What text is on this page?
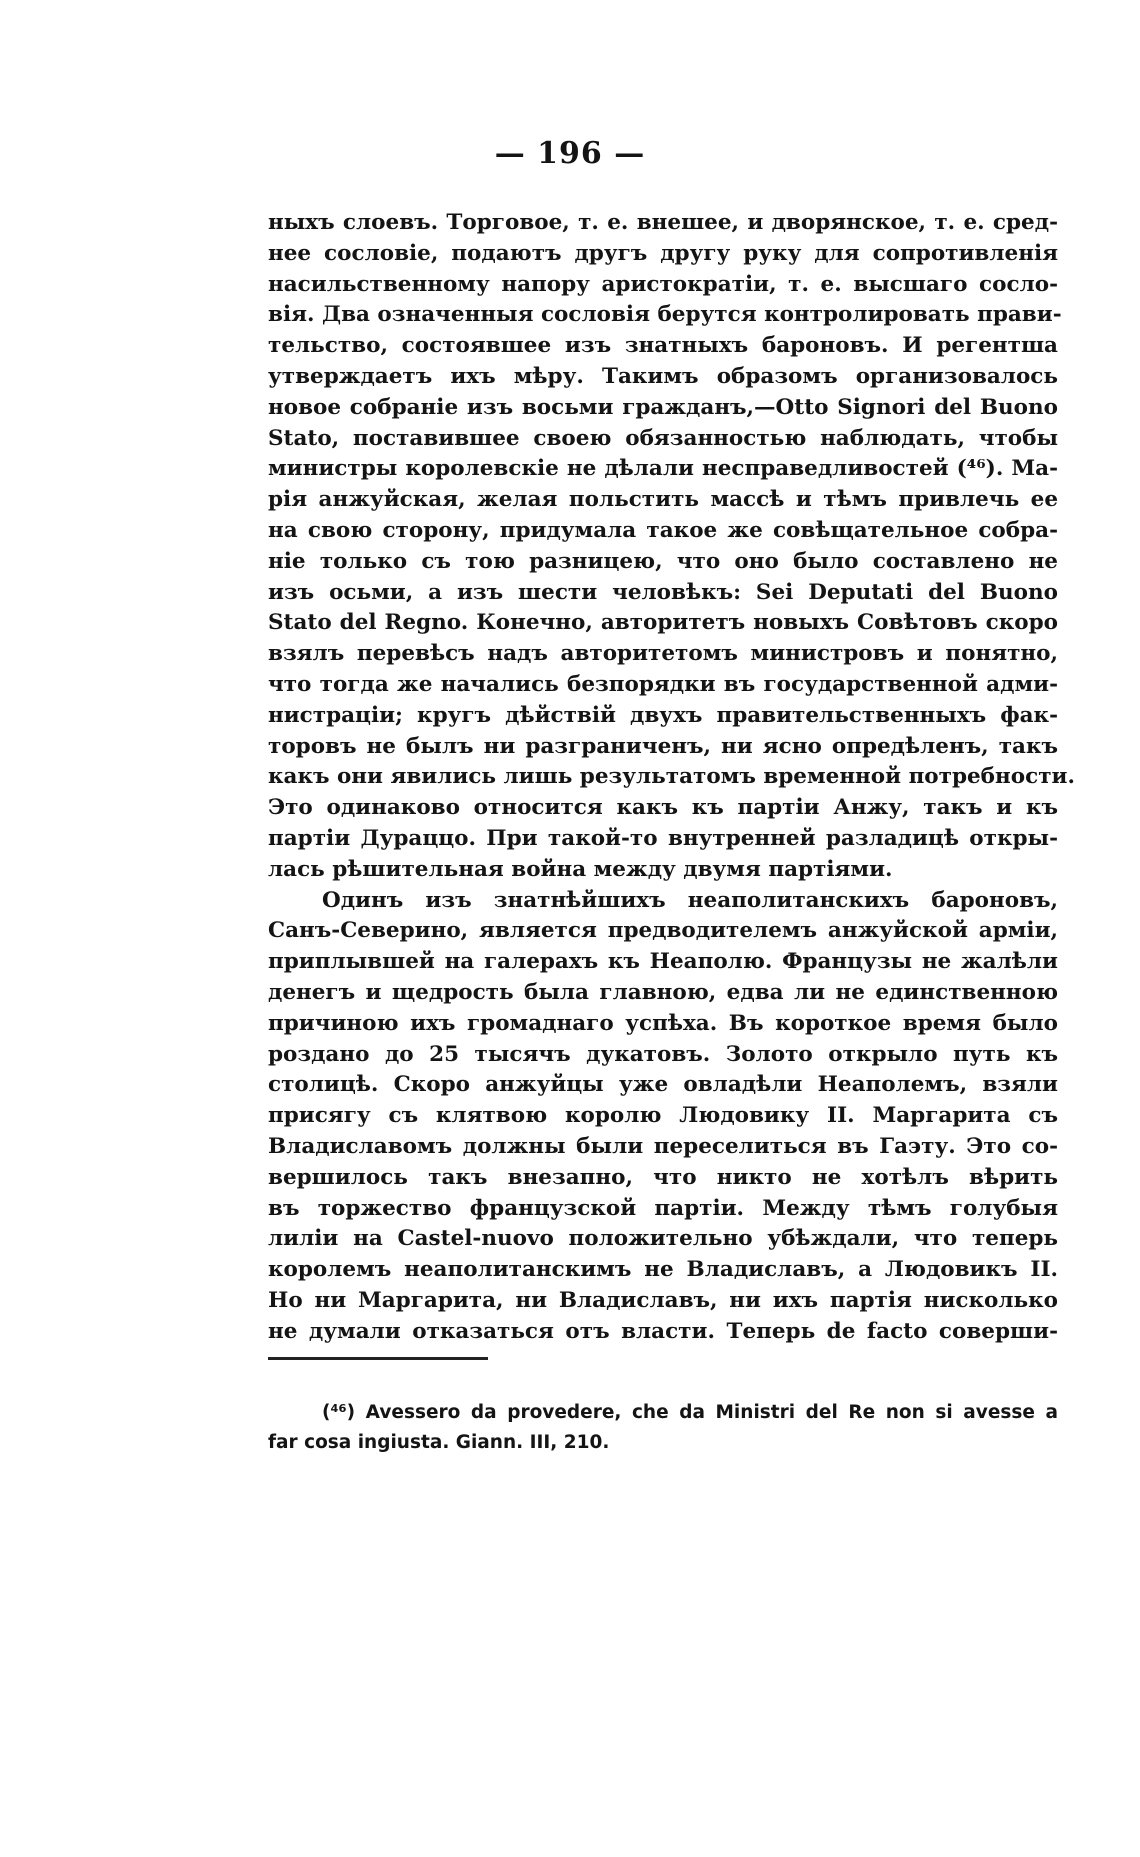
— 196 —
ныхъ слоевъ. Торговое, т. е. внешее, и дворянское, т. е. сред-
нее сословіе, подаютъ другъ другу руку для сопротивленія
насильственному напору аристократіи, т. е. высшаго сосло-
вія. Два означенныя сословія берутся контролировать прави-
тельство, состоявшее изъ знатныхъ бароновъ. И регентша
утверждаетъ ихъ мѣру. Такимъ образомъ организовалось
новое собраніе изъ восьми гражданъ,—Otto Signori del Buono
Stato, поставившее своею обязанностью наблюдать, чтобы
министры королевскіе не дѣлали несправедливостей (⁴⁶). Ма-
рія анжуйская, желая польстить массѣ и тѣмъ привлечь ее
на свою сторону, придумала такое же совѣщательное собра-
ніе только съ тою разницею, что оно было составлено не
изъ осьми, а изъ шести человѣкъ: Sei Deputati del Buono
Stato del Regno. Конечно, авторитетъ новыхъ Совѣтовъ скоро
взялъ перевѣсъ надъ авторитетомъ министровъ и понятно,
что тогда же начались безпорядки въ государственной адми-
нистраціи; кругъ дѣйствій двухъ правительственныхъ фак-
торовъ не былъ ни разграниченъ, ни ясно опредѣленъ, такъ
какъ они явились лишь результатомъ временной потребности.
Это одинаково относится какъ къ партіи Анжу, такъ и къ
партіи Дураццо. При такой-то внутренней разладицѣ откры-
лась рѣшительная война между двумя партіями.
Одинъ изъ знатнѣйшихъ неаполитанскихъ бароновъ,
Санъ-Северино, является предводителемъ анжуйской арміи,
приплывшей на галерахъ къ Неаполю. Французы не жалѣли
денегъ и щедрость была главною, едва ли не единственною
причиною ихъ громаднаго успѣха. Въ короткое время было
роздано до 25 тысячъ дукатовъ. Золото открыло путь къ
столицѣ. Скоро анжуйцы уже овладѣли Неаполемъ, взяли
присягу съ клятвою королю Людовику II. Маргарита съ
Владиславомъ должны были переселиться въ Гаэту. Это со-
вершилось такъ внезапно, что никто не хотѣлъ вѣрить
въ торжество французской партіи. Между тѣмъ голубыя
лиліи на Castel-nuovo положительно убѣждали, что теперь
королемъ неаполитанскимъ не Владиславъ, а Людовикъ II.
Но ни Маргарита, ни Владиславъ, ни ихъ партія нисколько
не думали отказаться отъ власти. Теперь de facto соверши-
(⁴⁶) Avessero da provedere, che da Ministri del Re non si avesse a
far cosa ingiusta. Giann. III, 210.
